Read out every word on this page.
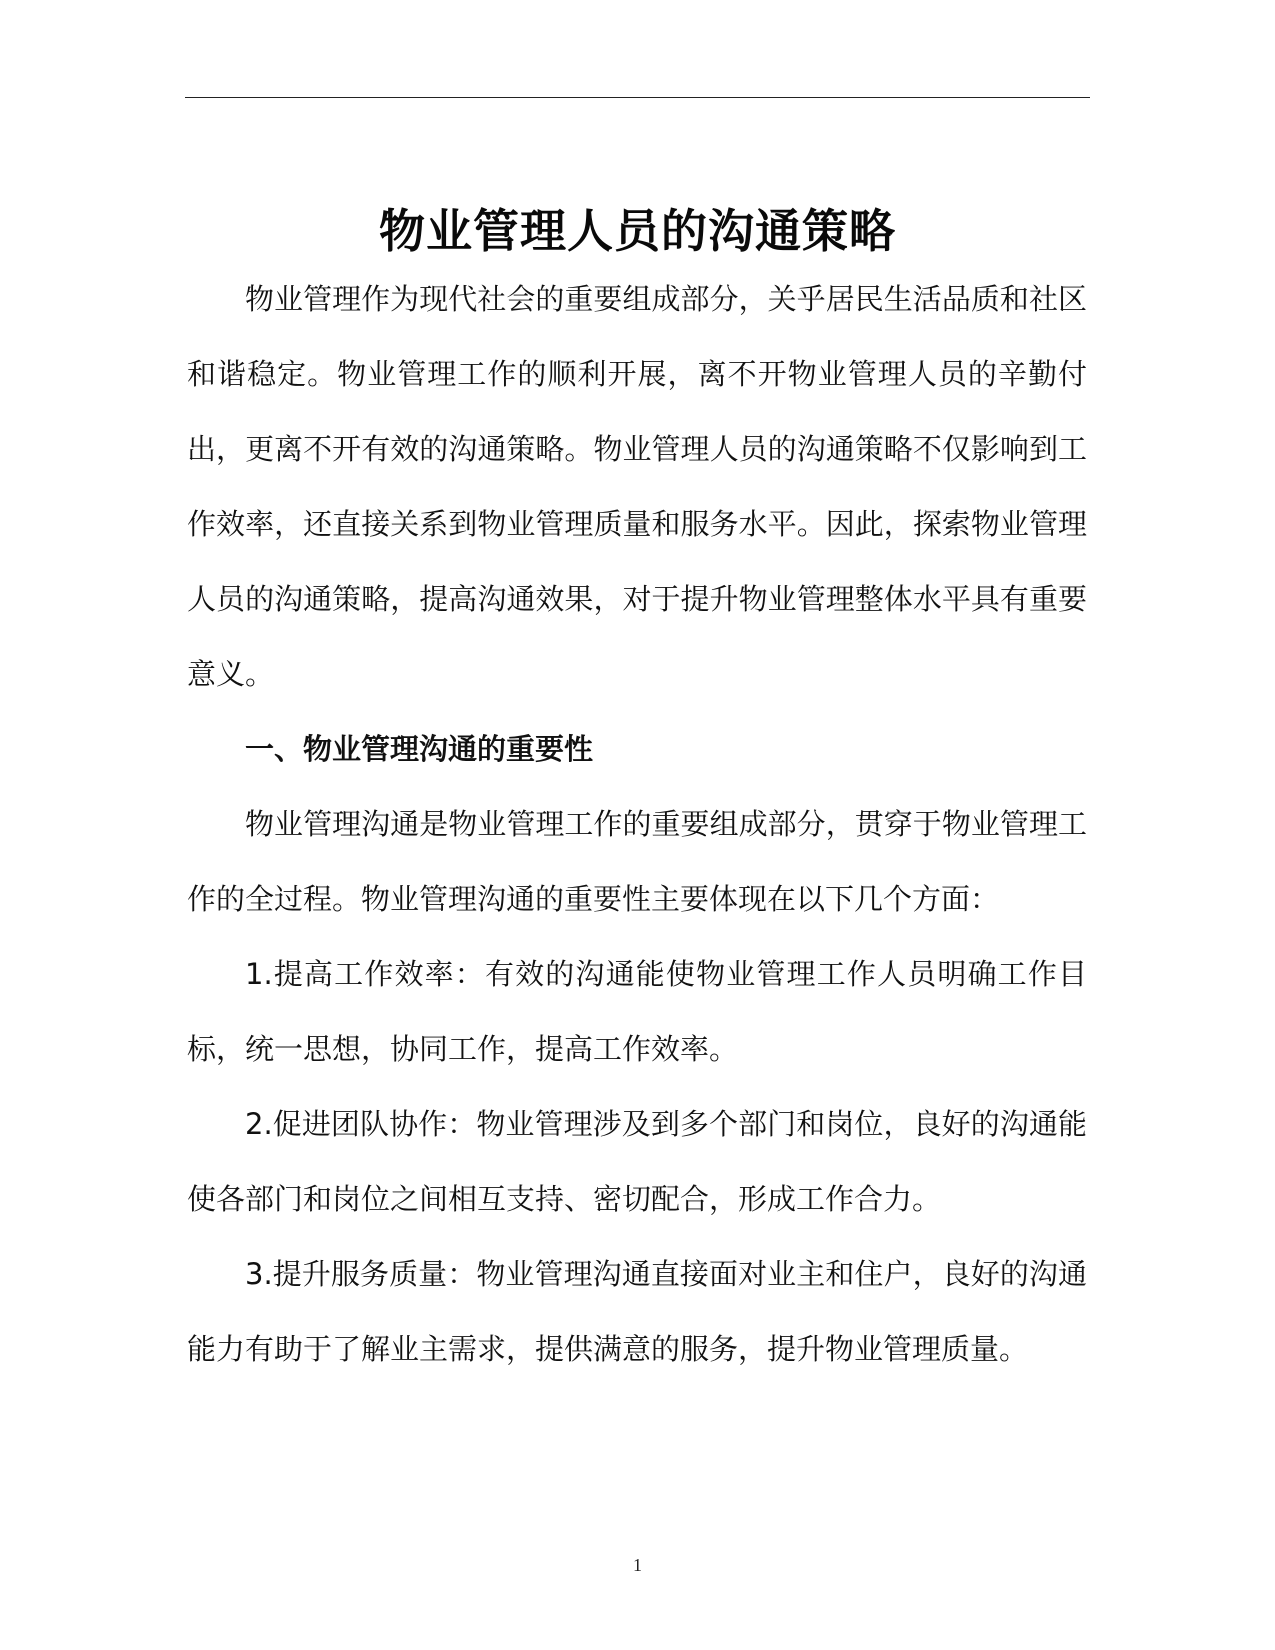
物业管理人员的沟通策略

物业管理作为现代社会的重要组成部分，关乎居民生活品质和社区和谐稳定。物业管理工作的顺利开展，离不开物业管理人员的辛勤付出，更离不开有效的沟通策略。物业管理人员的沟通策略不仅影响到工作效率，还直接关系到物业管理质量和服务水平。因此，探索物业管理人员的沟通策略，提高沟通效果，对于提升物业管理整体水平具有重要意义。

一、物业管理沟通的重要性

物业管理沟通是物业管理工作的重要组成部分，贯穿于物业管理工作的全过程。物业管理沟通的重要性主要体现在以下几个方面：

1.提高工作效率：有效的沟通能使物业管理工作人员明确工作目标，统一思想，协同工作，提高工作效率。

2.促进团队协作：物业管理涉及到多个部门和岗位，良好的沟通能使各部门和岗位之间相互支持、密切配合，形成工作合力。

3.提升服务质量：物业管理沟通直接面对业主和住户，良好的沟通能力有助于了解业主需求，提供满意的服务，提升物业管理质量。

1
